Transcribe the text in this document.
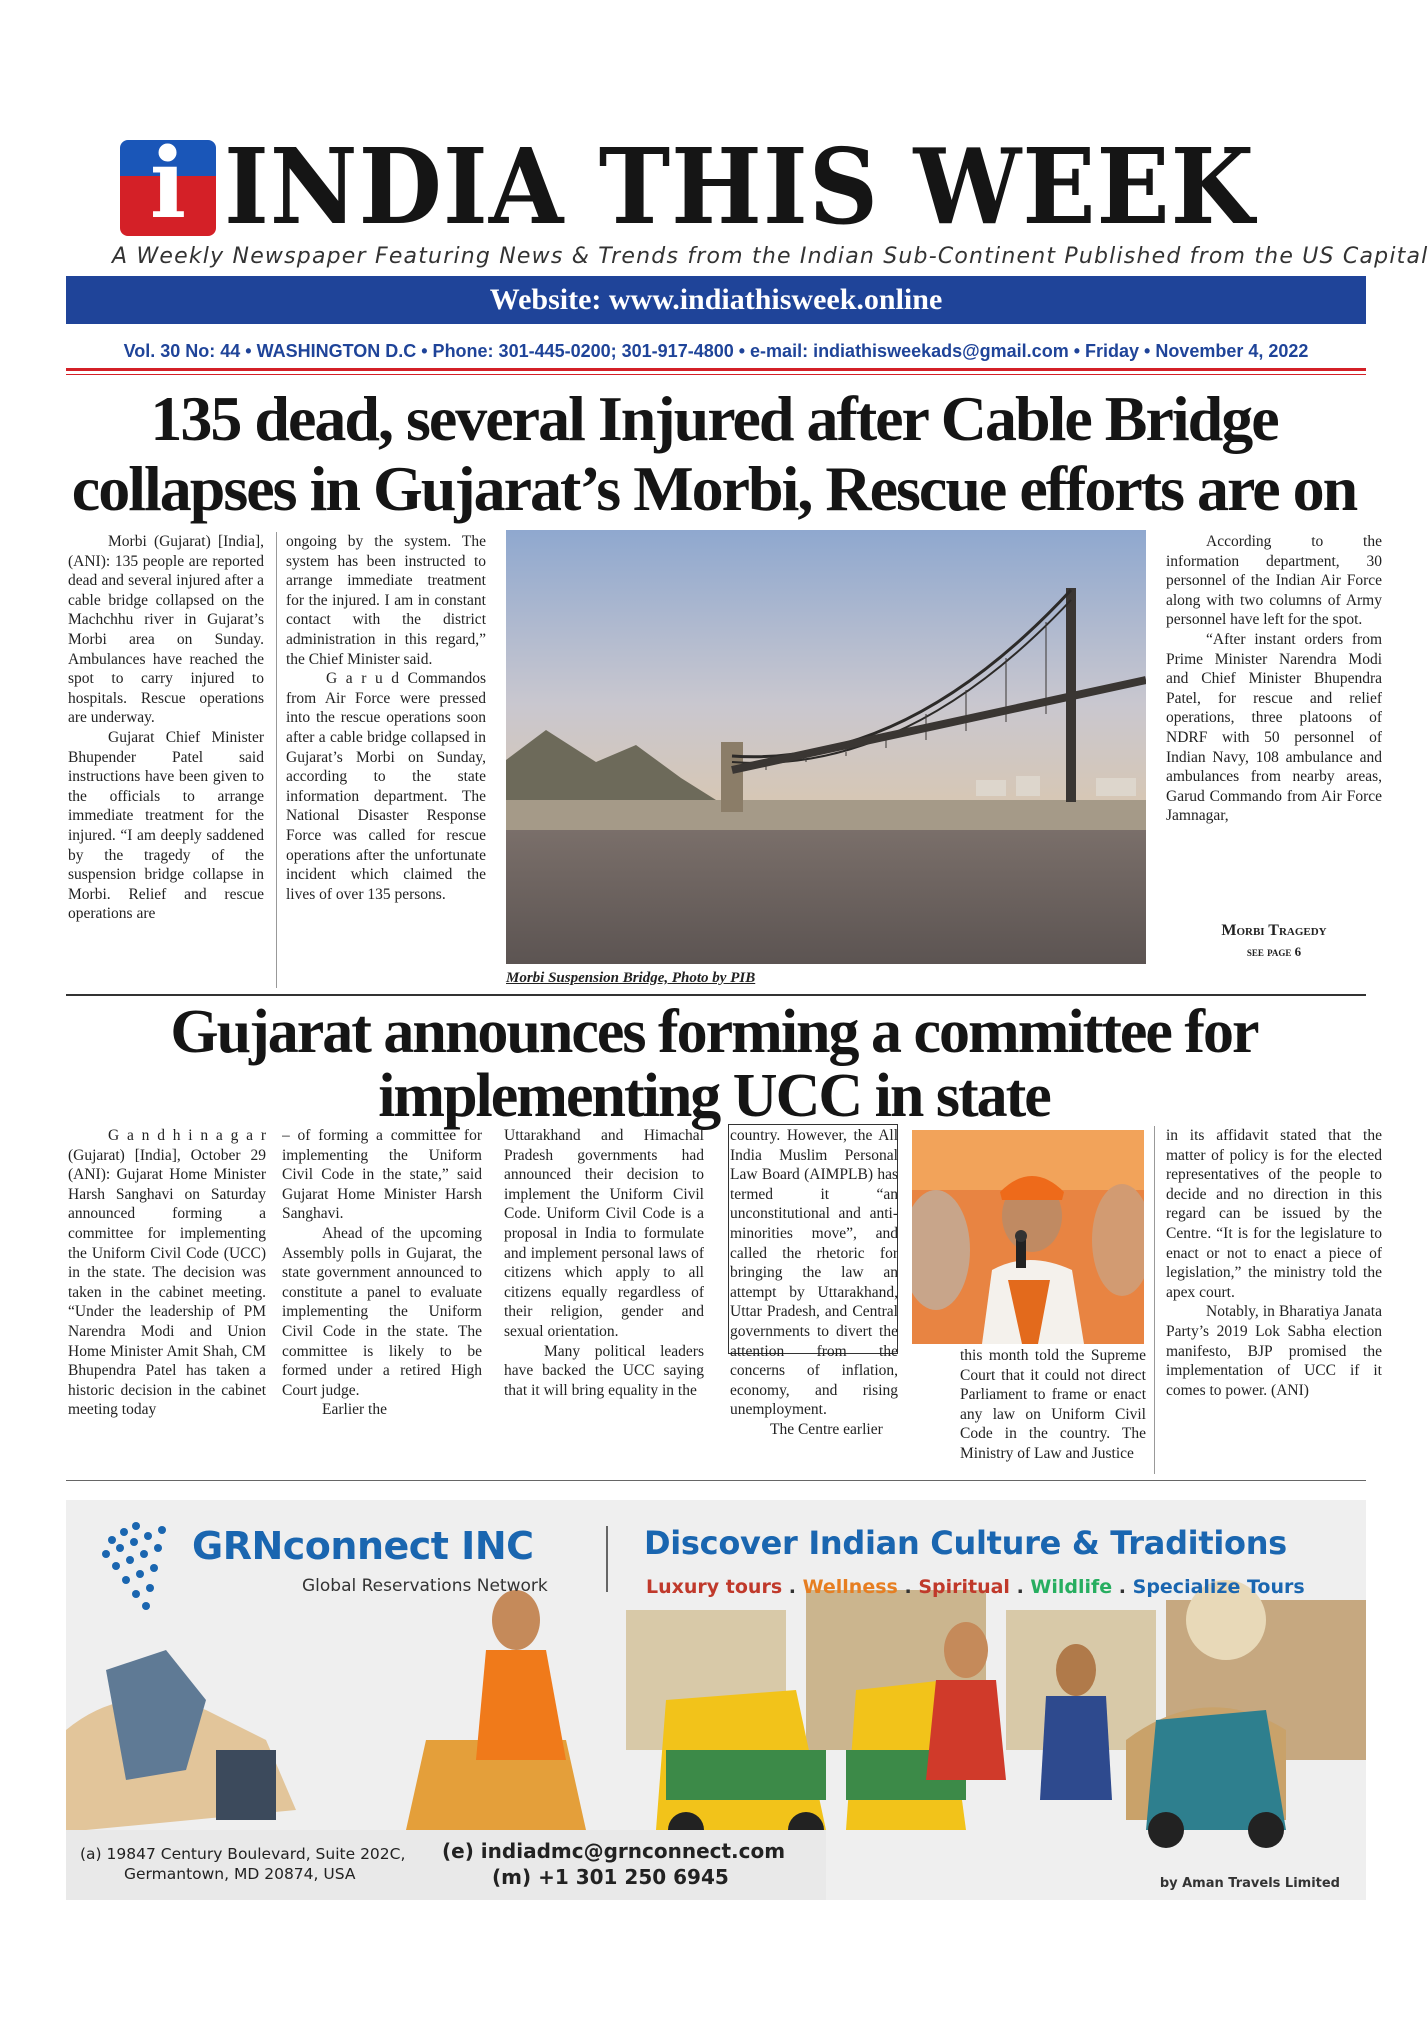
i INDIA THIS WEEK
A Weekly Newspaper Featuring News & Trends from the Indian Sub-Continent Published from the US Capital
Website: www.indiathisweek.online
Vol. 30 No: 44 • WASHINGTON D.C • Phone: 301-445-0200; 301-917-4800 • e-mail: indiathisweekads@gmail.com • Friday • November 4, 2022
135 dead, several Injured after Cable Bridge
collapses in Gujarat’s Morbi, Rescue efforts are on

Morbi (Gujarat) [India],(ANI): 135 people are reported dead and several injured after a cable bridge collapsed on the Machchhu river in Gujarat’s Morbi area on Sunday. Ambulances have reached the spot to carry injured to hospitals. Rescue operations are underway.

Gujarat Chief Minister Bhupender Patel said instructions have been given to the officials to arrange immediate treatment for the injured. “I am deeply saddened by the tragedy of the suspension bridge collapse in Morbi. Relief and rescue operations are

ongoing by the system. The system has been instructed to arrange immediate treatment for the injured. I am in constant contact with the district administration in this regard,” the Chief Minister said.

G a r u d Commandos from Air Force were pressed into the rescue operations soon after a cable bridge collapsed in Gujarat’s Morbi on Sunday, according to the state information department. The National Disaster Response Force was called for rescue operations after the unfortunate incident which claimed the lives of over 135 persons.

Morbi Suspension Bridge, Photo by PIB

According to the information department, 30 personnel of the Indian Air Force along with two columns of Army personnel have left for the spot.

“After instant orders from Prime Minister Narendra Modi and Chief Minister Bhupendra Patel, for rescue and relief operations, three platoons of NDRF with 50 personnel of Indian Navy, 108 ambulance and ambulances from nearby areas, Garud Commando from Air Force Jamnagar,

Morbi Tragedy
see page 6
Gujarat announces forming a committee for
implementing UCC in state

G a n d h i n a g a r (Gujarat) [India], October 29 (ANI): Gujarat Home Minister Harsh Sanghavi on Saturday announced forming a committee for implementing the Uniform Civil Code (UCC) in the state. The decision was taken in the cabinet meeting. “Under the leadership of PM Narendra Modi and Union Home Minister Amit Shah, CM Bhupendra Patel has taken a historic decision in the cabinet meeting today

– of forming a committee for implementing the Uniform Civil Code in the state,” said Gujarat Home Minister Harsh Sanghavi.

Ahead of the upcoming Assembly polls in Gujarat, the state government announced to constitute a panel to evaluate implementing the Uniform Civil Code in the state. The committee is likely to be formed under a retired High Court judge.

Earlier the

Uttarakhand and Himachal Pradesh governments had announced their decision to implement the Uniform Civil Code. Uniform Civil Code is a proposal in India to formulate and implement personal laws of citizens which apply to all citizens equally regardless of their religion, gender and sexual orientation.

Many political leaders have backed the UCC saying that it will bring equality in the

country. However, the All India Muslim Personal Law Board (AIMPLB) has termed it “an unconstitutional and anti-minorities move”, and called the rhetoric for bringing the law an attempt by Uttarakhand, Uttar Pradesh, and Central governments to divert the attention from the concerns of inflation, economy, and rising unemployment.

The Centre earlier

this month told the Supreme Court that it could not direct Parliament to frame or enact any law on Uniform Civil Code in the country. The Ministry of Law and Justice

in its affidavit stated that the matter of policy is for the elected representatives of the people to decide and no direction in this regard can be issued by the Centre. “It is for the legislature to enact or not to enact a piece of legislation,” the ministry told the apex court.

Notably, in Bharatiya Janata Party’s 2019 Lok Sabha election manifesto, BJP promised the implementation of UCC if it comes to power. (ANI)

GRNconnect INC
Global Reservations Network
Discover Indian Culture & Traditions
Luxury tours . Wellness . Spiritual . Wildlife . Specialize Tours
(a) 19847 Century Boulevard, Suite 202C,
Germantown, MD 20874, USA
(e) indiadmc@grnconnect.com
(m) +1 301 250 6945	by Aman Travels Limited
